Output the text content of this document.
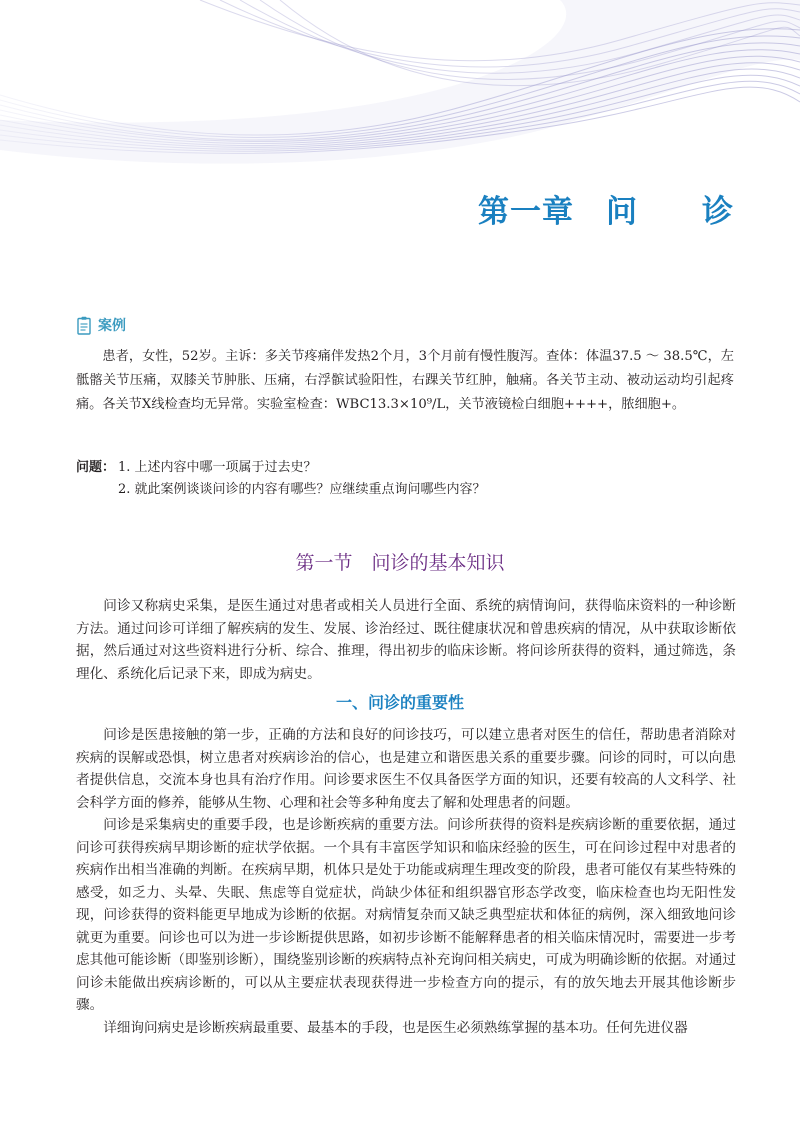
第一章　问　　诊
案例

患者，女性，52岁。主诉：多关节疼痛伴发热2个月，3个月前有慢性腹泻。查体：体温37.5 ～ 38.5℃，左骶髂关节压痛，双膝关节肿胀、压痛，右浮髌试验阳性，右踝关节红肿，触痛。各关节主动、被动运动均引起疼痛。各关节X线检查均无异常。实验室检查：WBC13.3×10⁹/L，关节液镜检白细胞++++，脓细胞+。

问题： 1. 上述内容中哪一项属于过去史？
2. 就此案例谈谈问诊的内容有哪些？应继续重点询问哪些内容？
第一节　问诊的基本知识

问诊又称病史采集，是医生通过对患者或相关人员进行全面、系统的病情询问，获得临床资料的一种诊断方法。通过问诊可详细了解疾病的发生、发展、诊治经过、既往健康状况和曾患疾病的情况，从中获取诊断依据，然后通过对这些资料进行分析、综合、推理，得出初步的临床诊断。将问诊所获得的资料，通过筛选，条理化、系统化后记录下来，即成为病史。

一、问诊的重要性

问诊是医患接触的第一步，正确的方法和良好的问诊技巧，可以建立患者对医生的信任，帮助患者消除对疾病的误解或恐惧，树立患者对疾病诊治的信心，也是建立和谐医患关系的重要步骤。问诊的同时，可以向患者提供信息，交流本身也具有治疗作用。问诊要求医生不仅具备医学方面的知识，还要有较高的人文科学、社会科学方面的修养，能够从生物、心理和社会等多种角度去了解和处理患者的问题。

问诊是采集病史的重要手段，也是诊断疾病的重要方法。问诊所获得的资料是疾病诊断的重要依据，通过问诊可获得疾病早期诊断的症状学依据。一个具有丰富医学知识和临床经验的医生，可在问诊过程中对患者的疾病作出相当准确的判断。在疾病早期，机体只是处于功能或病理生理改变的阶段，患者可能仅有某些特殊的感受，如乏力、头晕、失眠、焦虑等自觉症状，尚缺少体征和组织器官形态学改变，临床检查也均无阳性发现，问诊获得的资料能更早地成为诊断的依据。对病情复杂而又缺乏典型症状和体征的病例，深入细致地问诊就更为重要。问诊也可以为进一步诊断提供思路，如初步诊断不能解释患者的相关临床情况时，需要进一步考虑其他可能诊断（即鉴别诊断），围绕鉴别诊断的疾病特点补充询问相关病史，可成为明确诊断的依据。对通过问诊未能做出疾病诊断的，可以从主要症状表现获得进一步检查方向的提示，有的放矢地去开展其他诊断步骤。

详细询问病史是诊断疾病最重要、最基本的手段，也是医生必须熟练掌握的基本功。任何先进仪器
